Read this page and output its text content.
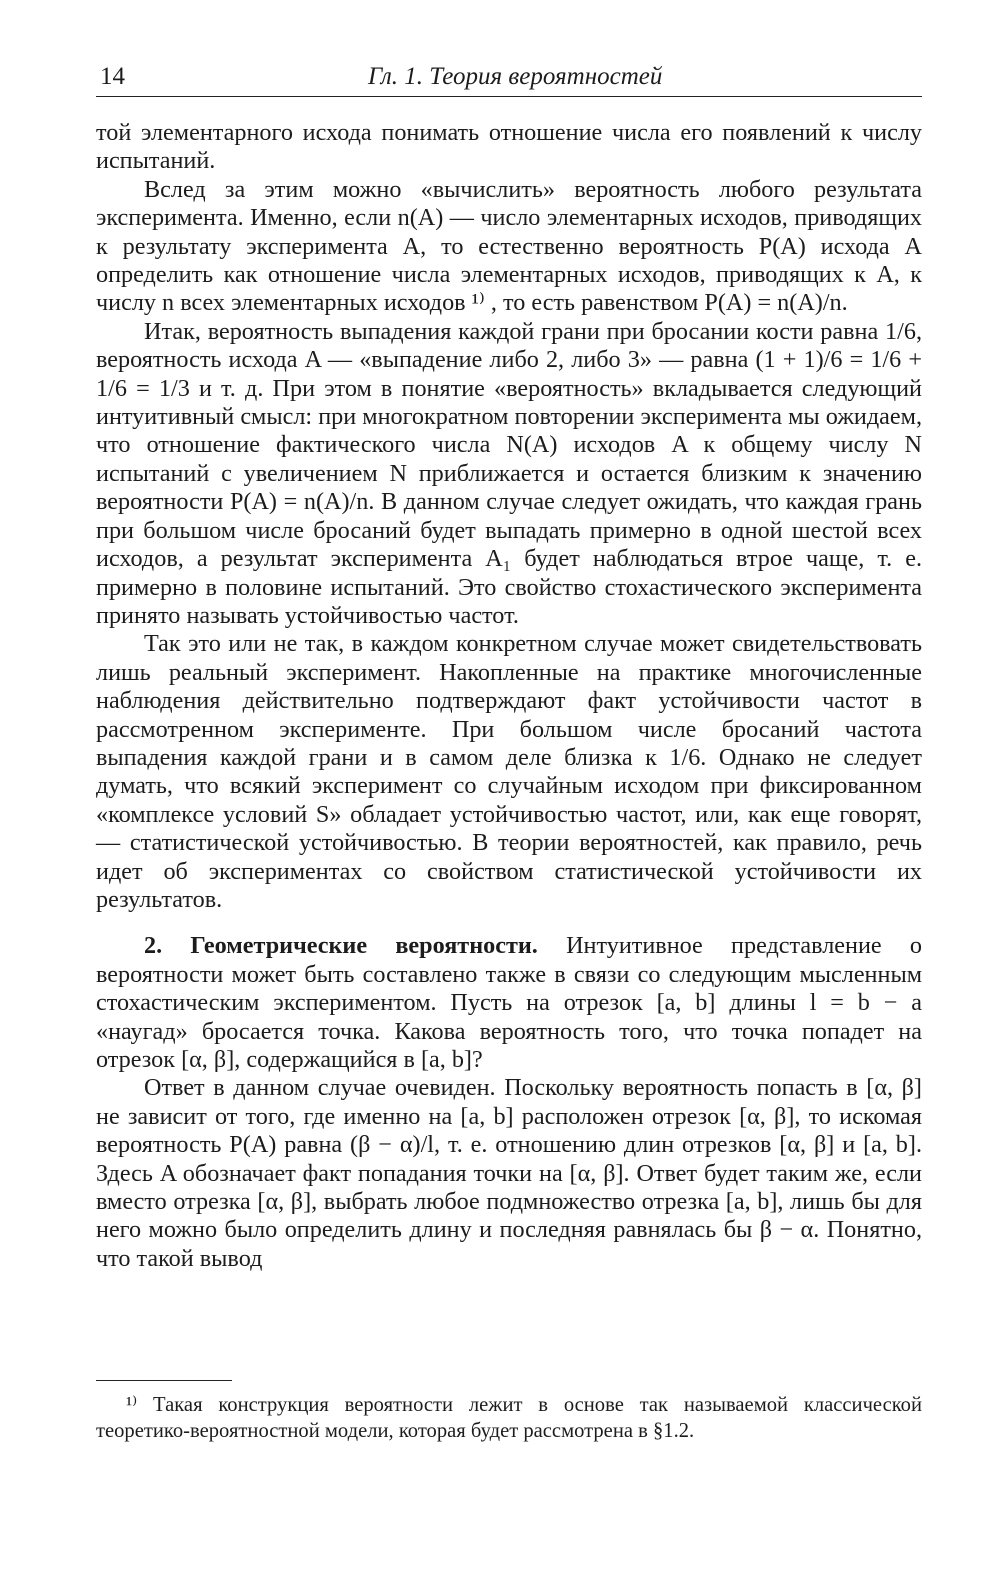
14	Гл. 1. Теория вероятностей

той элементарного исхода понимать отношение числа его появлений к числу испытаний.

Вслед за этим можно «вычислить» вероятность любого результата эксперимента. Именно, если n(A) — число элементарных исходов, приводящих к результату эксперимента A, то естественно вероятность P(A) исхода A определить как отношение числа элементарных исходов, приводящих к A, к числу n всех элементарных исходов ¹⁾ , то есть равенством P(A) = n(A)/n.

Итак, вероятность выпадения каждой грани при бросании кости равна 1/6, вероятность исхода A — «выпадение либо 2, либо 3» — равна (1 + 1)/6 = 1/6 + 1/6 = 1/3 и т. д. При этом в понятие «вероятность» вкладывается следующий интуитивный смысл: при многократном повторении эксперимента мы ожидаем, что отношение фактического числа N(A) исходов A к общему числу N испытаний с увеличением N приближается и остается близким к значению вероятности P(A) = n(A)/n. В данном случае следует ожидать, что каждая грань при большом числе бросаний будет выпадать примерно в одной шестой всех исходов, а результат эксперимента A₁ будет наблюдаться втрое чаще, т. е. примерно в половине испытаний. Это свойство стохастического эксперимента принято называть устойчивостью частот.

Так это или не так, в каждом конкретном случае может свидетельствовать лишь реальный эксперимент. Накопленные на практике многочисленные наблюдения действительно подтверждают факт устойчивости частот в рассмотренном эксперименте. При большом числе бросаний частота выпадения каждой грани и в самом деле близка к 1/6. Однако не следует думать, что всякий эксперимент со случайным исходом при фиксированном «комплексе условий S» обладает устойчивостью частот, или, как еще говорят, — статистической устойчивостью. В теории вероятностей, как правило, речь идет об экспериментах со свойством статистической устойчивости их результатов.

2. Геометрические вероятности. Интуитивное представление о вероятности может быть составлено также в связи со следующим мысленным стохастическим экспериментом. Пусть на отрезок [a, b] длины l = b − a «наугад» бросается точка. Какова вероятность того, что точка попадет на отрезок [α, β], содержащийся в [a, b]?

Ответ в данном случае очевиден. Поскольку вероятность попасть в [α, β] не зависит от того, где именно на [a, b] расположен отрезок [α, β], то искомая вероятность P(A) равна (β − α)/l, т. е. отношению длин отрезков [α, β] и [a, b]. Здесь A обозначает факт попадания точки на [α, β]. Ответ будет таким же, если вместо отрезка [α, β], выбрать любое подмножество отрезка [a, b], лишь бы для него можно было определить длину и последняя равнялась бы β − α. Понятно, что такой вывод

¹⁾ Такая конструкция вероятности лежит в основе так называемой классической теоретико-вероятностной модели, которая будет рассмотрена в §1.2.
